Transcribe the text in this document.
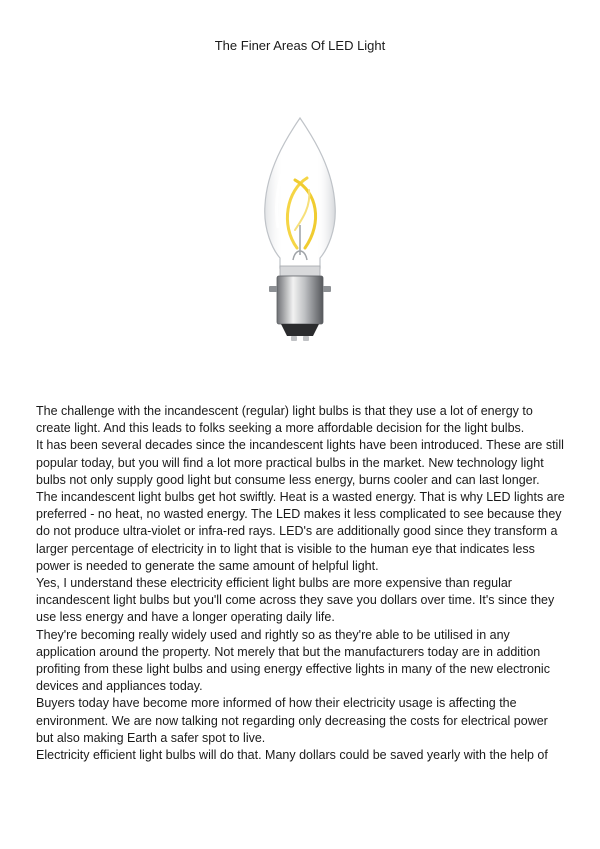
The Finer Areas Of LED Light

The challenge with the incandescent (regular) light bulbs is that they use a lot of energy to create light. And this leads to folks seeking a more affordable decision for the light bulbs.

It has been several decades since the incandescent lights have been introduced. These are still popular today, but you will find a lot more practical bulbs in the market. New technology light bulbs not only supply good light but consume less energy, burns cooler and can last longer.

The incandescent light bulbs get hot swiftly. Heat is a wasted energy. That is why LED lights are preferred - no heat, no wasted energy. The LED makes it less complicated to see because they do not produce ultra-violet or infra-red rays. LED's are additionally good since they transform a larger percentage of electricity in to light that is visible to the human eye that indicates less power is needed to generate the same amount of helpful light.

Yes, I understand these electricity efficient light bulbs are more expensive than regular incandescent light bulbs but you'll come across they save you dollars over time. It's since they use less energy and have a longer operating daily life.

They're becoming really widely used and rightly so as they're able to be utilised in any application around the property. Not merely that but the manufacturers today are in addition profiting from these light bulbs and using energy effective lights in many of the new electronic devices and appliances today.

Buyers today have become more informed of how their electricity usage is affecting the environment. We are now talking not regarding only decreasing the costs for electrical power but also making Earth a safer spot to live.

Electricity efficient light bulbs will do that. Many dollars could be saved yearly with the help of
